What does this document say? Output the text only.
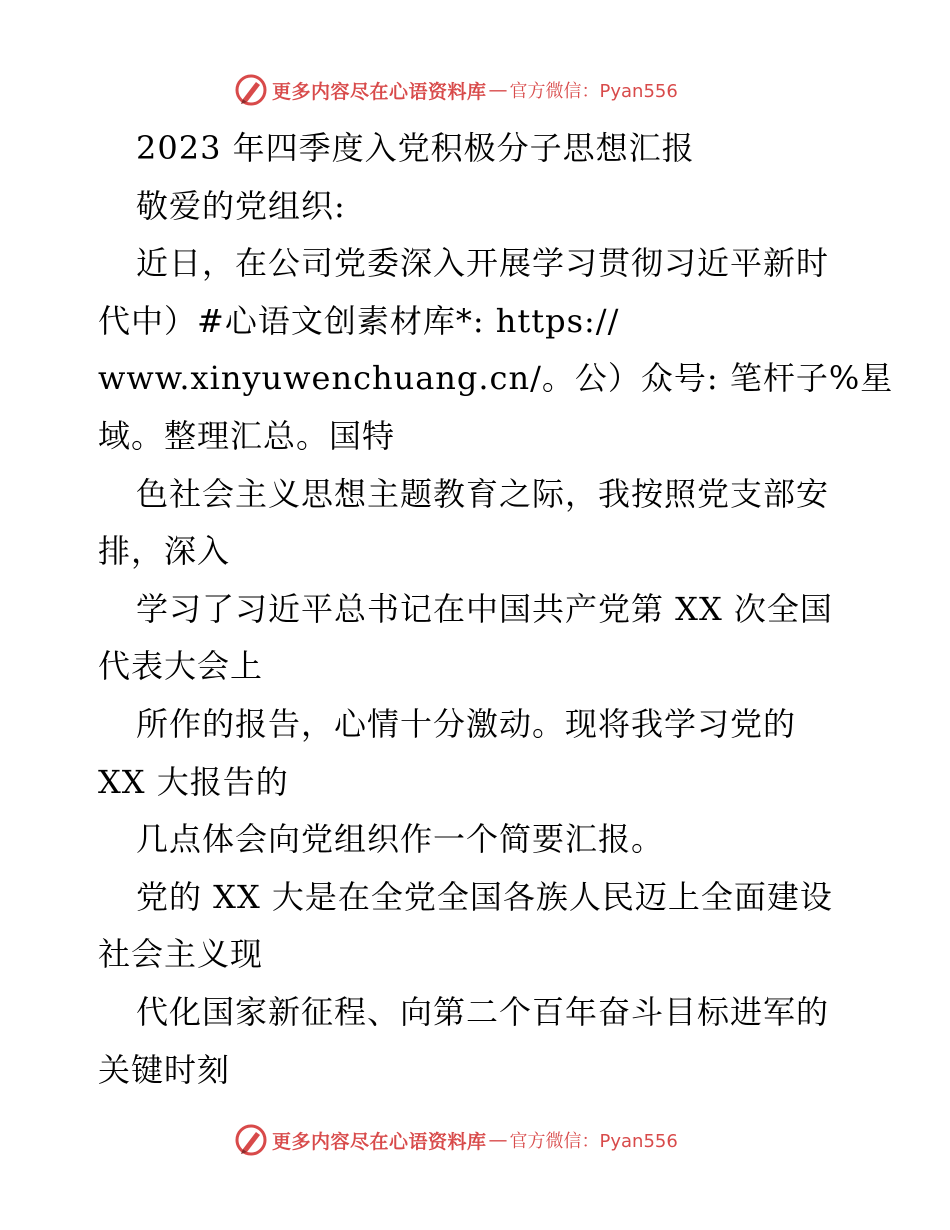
更多内容尽在心语资料库 — 官方微信：Pyan556
2023 年四季度入党积极分子思想汇报
敬爱的党组织:
近日，在公司党委深入开展学习贯彻习近平新时
代中）#心语文创素材库*: https://
www.xinyuwenchuang.cn/。公）众号: 笔杆子%星
域。整理汇总。国特
色社会主义思想主题教育之际，我按照党支部安
排，深入
学习了习近平总书记在中国共产党第 XX 次全国
代表大会上
所作的报告，心情十分激动。现将我学习党的
XX 大报告的
几点体会向党组织作一个简要汇报。
党的 XX 大是在全党全国各族人民迈上全面建设
社会主义现
代化国家新征程、向第二个百年奋斗目标进军的
关键时刻
更多内容尽在心语资料库 — 官方微信：Pyan556
